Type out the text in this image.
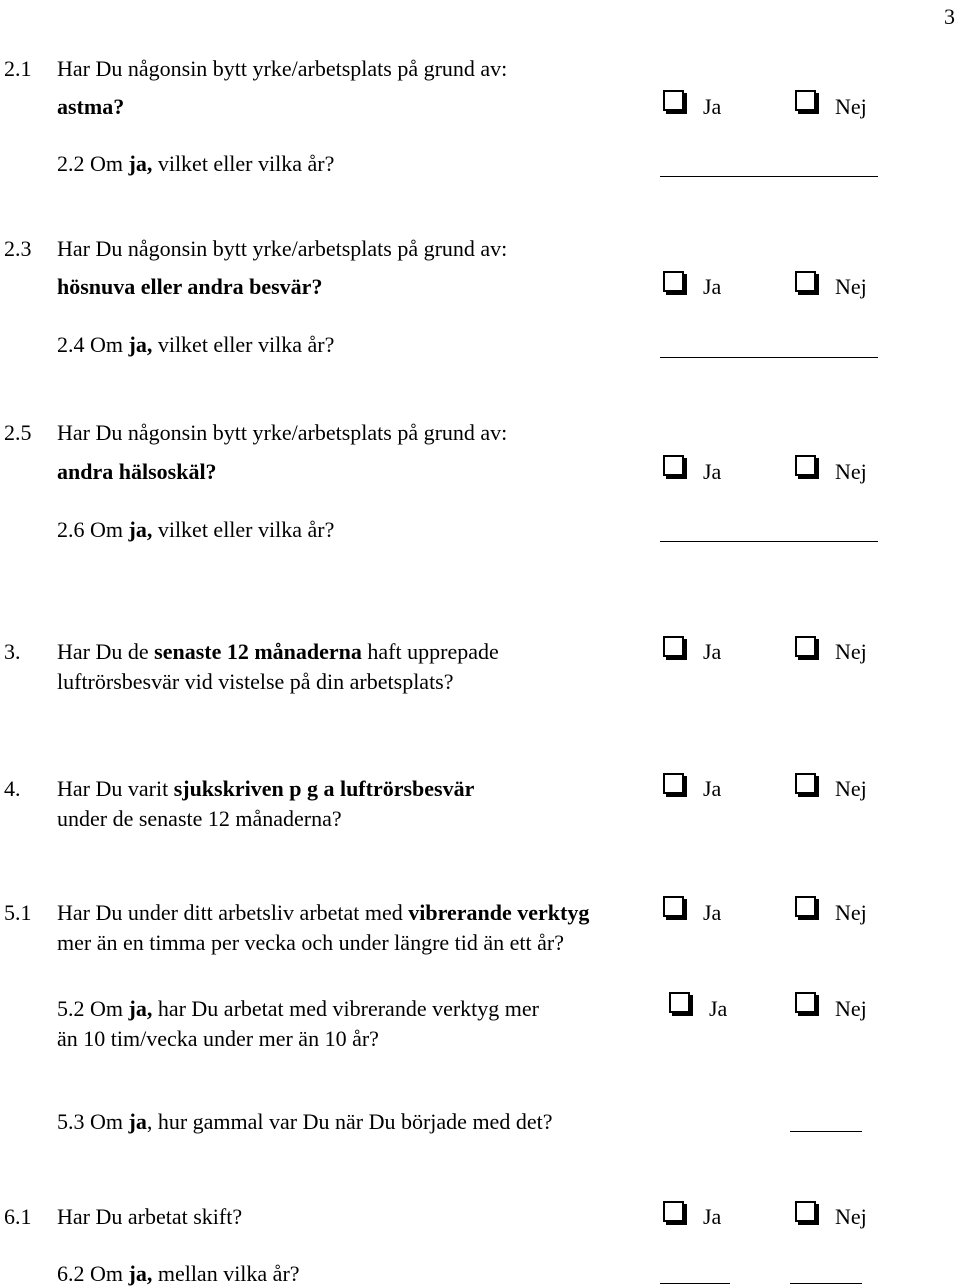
3
2.1 Har Du någonsin bytt yrke/arbetsplats på grund av:
astma?	Ja	Nej
2.2 Om ja, vilket eller vilka år?
2.3 Har Du någonsin bytt yrke/arbetsplats på grund av:
hösnuva eller andra besvär?	Ja	Nej
2.4 Om ja, vilket eller vilka år?
2.5 Har Du någonsin bytt yrke/arbetsplats på grund av:
andra hälsoskäl?	Ja	Nej
2.6 Om ja, vilket eller vilka år?
3. Har Du de senaste 12 månaderna haft upprepade
luftrörsbesvär vid vistelse på din arbetsplats?
Ja	Nej
4. Har Du varit sjukskriven p g a luftrörsbesvär
under de senaste 12 månaderna?
Ja	Nej
5.1 Har Du under ditt arbetsliv arbetat med vibrerande verktyg
mer än en timma per vecka och under längre tid än ett år?
Ja	Nej
5.2 Om ja, har Du arbetat med vibrerande verktyg mer
än 10 tim/vecka under mer än 10 år?
Ja	Nej
5.3 Om ja, hur gammal var Du när Du började med det?
6.1 Har Du arbetat skift?	Ja	Nej
6.2 Om ja, mellan vilka år?
